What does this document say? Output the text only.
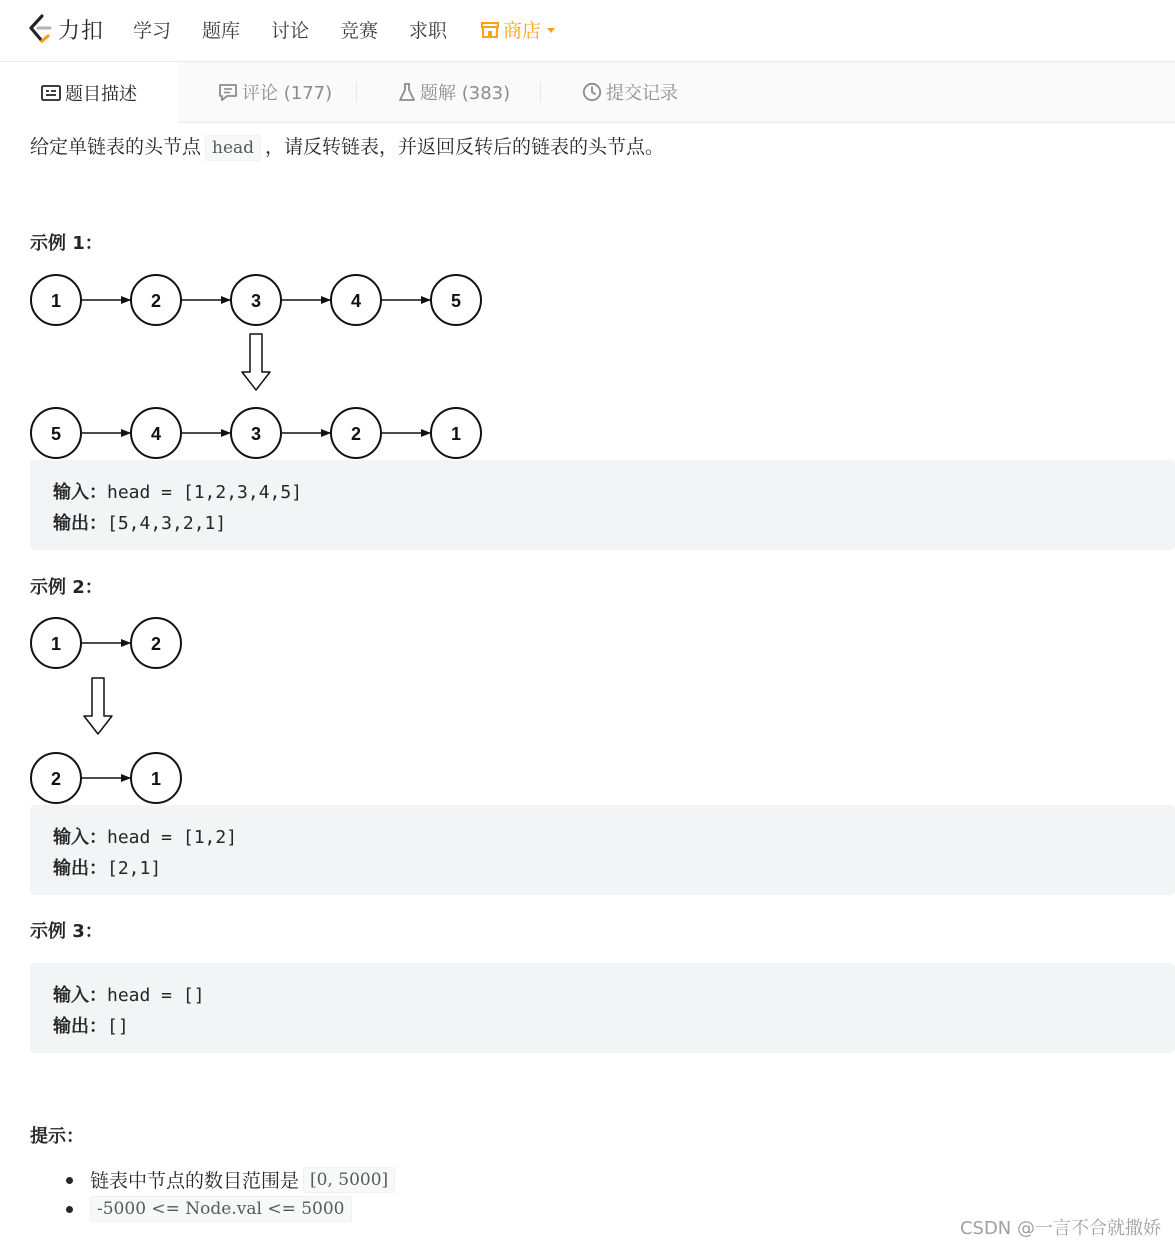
力扣 学习 题库 讨论 竞赛 求职	商店
题目描述	评论 (177)	题解 (383)	提交记录
给定单链表的头节点 head ，请反转链表，并返回反转后的链表的头节点。
示例 1：
1	2	3	4	5
5	4	3	2	1
输入：head = [1,2,3,4,5]
输出：[5,4,3,2,1]
示例 2：
1	2
2	1
输入：head = [1,2]
输出：[2,1]
示例 3：
输入：head = []
输出：[]
提示：
链表中节点的数目范围是 [0, 5000]
-5000 <= Node.val <= 5000
CSDN @一言不合就撒娇
